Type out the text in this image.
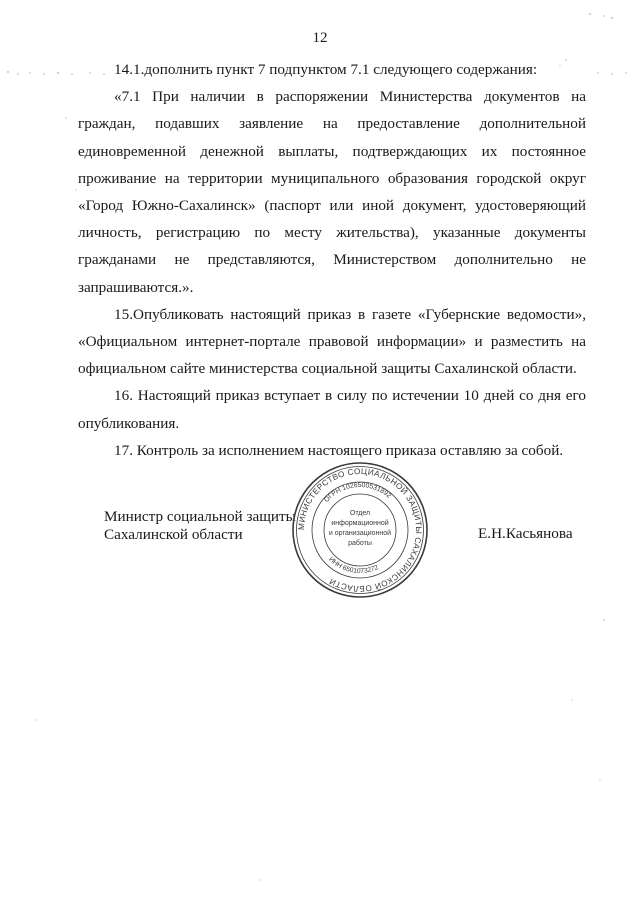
12

14.1.дополнить пункт 7 подпунктом 7.1 следующего содержания:

«7.1 При наличии в распоряжении Министерства документов на граждан, подавших заявление на предоставление дополнительной единовременной денежной выплаты, подтверждающих их постоянное проживание на территории муниципального образования городской округ «Город Южно-Сахалинск» (паспорт или иной документ, удостоверяющий личность, регистрацию по месту жительства), указанные документы гражданами не представляются, Министерством дополнительно не запрашиваются.».

15.Опубликовать настоящий приказ в газете «Губернские ведомости», «Официальном интернет-портале правовой информации» и разместить на официальном сайте министерства социальной защиты Сахалинской области.

16. Настоящий приказ вступает в силу по истечении 10 дней со дня его опубликования.

17. Контроль за исполнением настоящего приказа оставляю за собой.

Министр социальной защиты
Сахалинской области	Е.Н.Касьянова
МИНИСТЕРСТВО СОЦИАЛЬНОЙ ЗАЩИТЫ САХАЛИНСКОЙ ОБЛАСТИ
ОГРН 1026500531892
ИНН 6501073272
Отдел
информационной
и организационной
работы
